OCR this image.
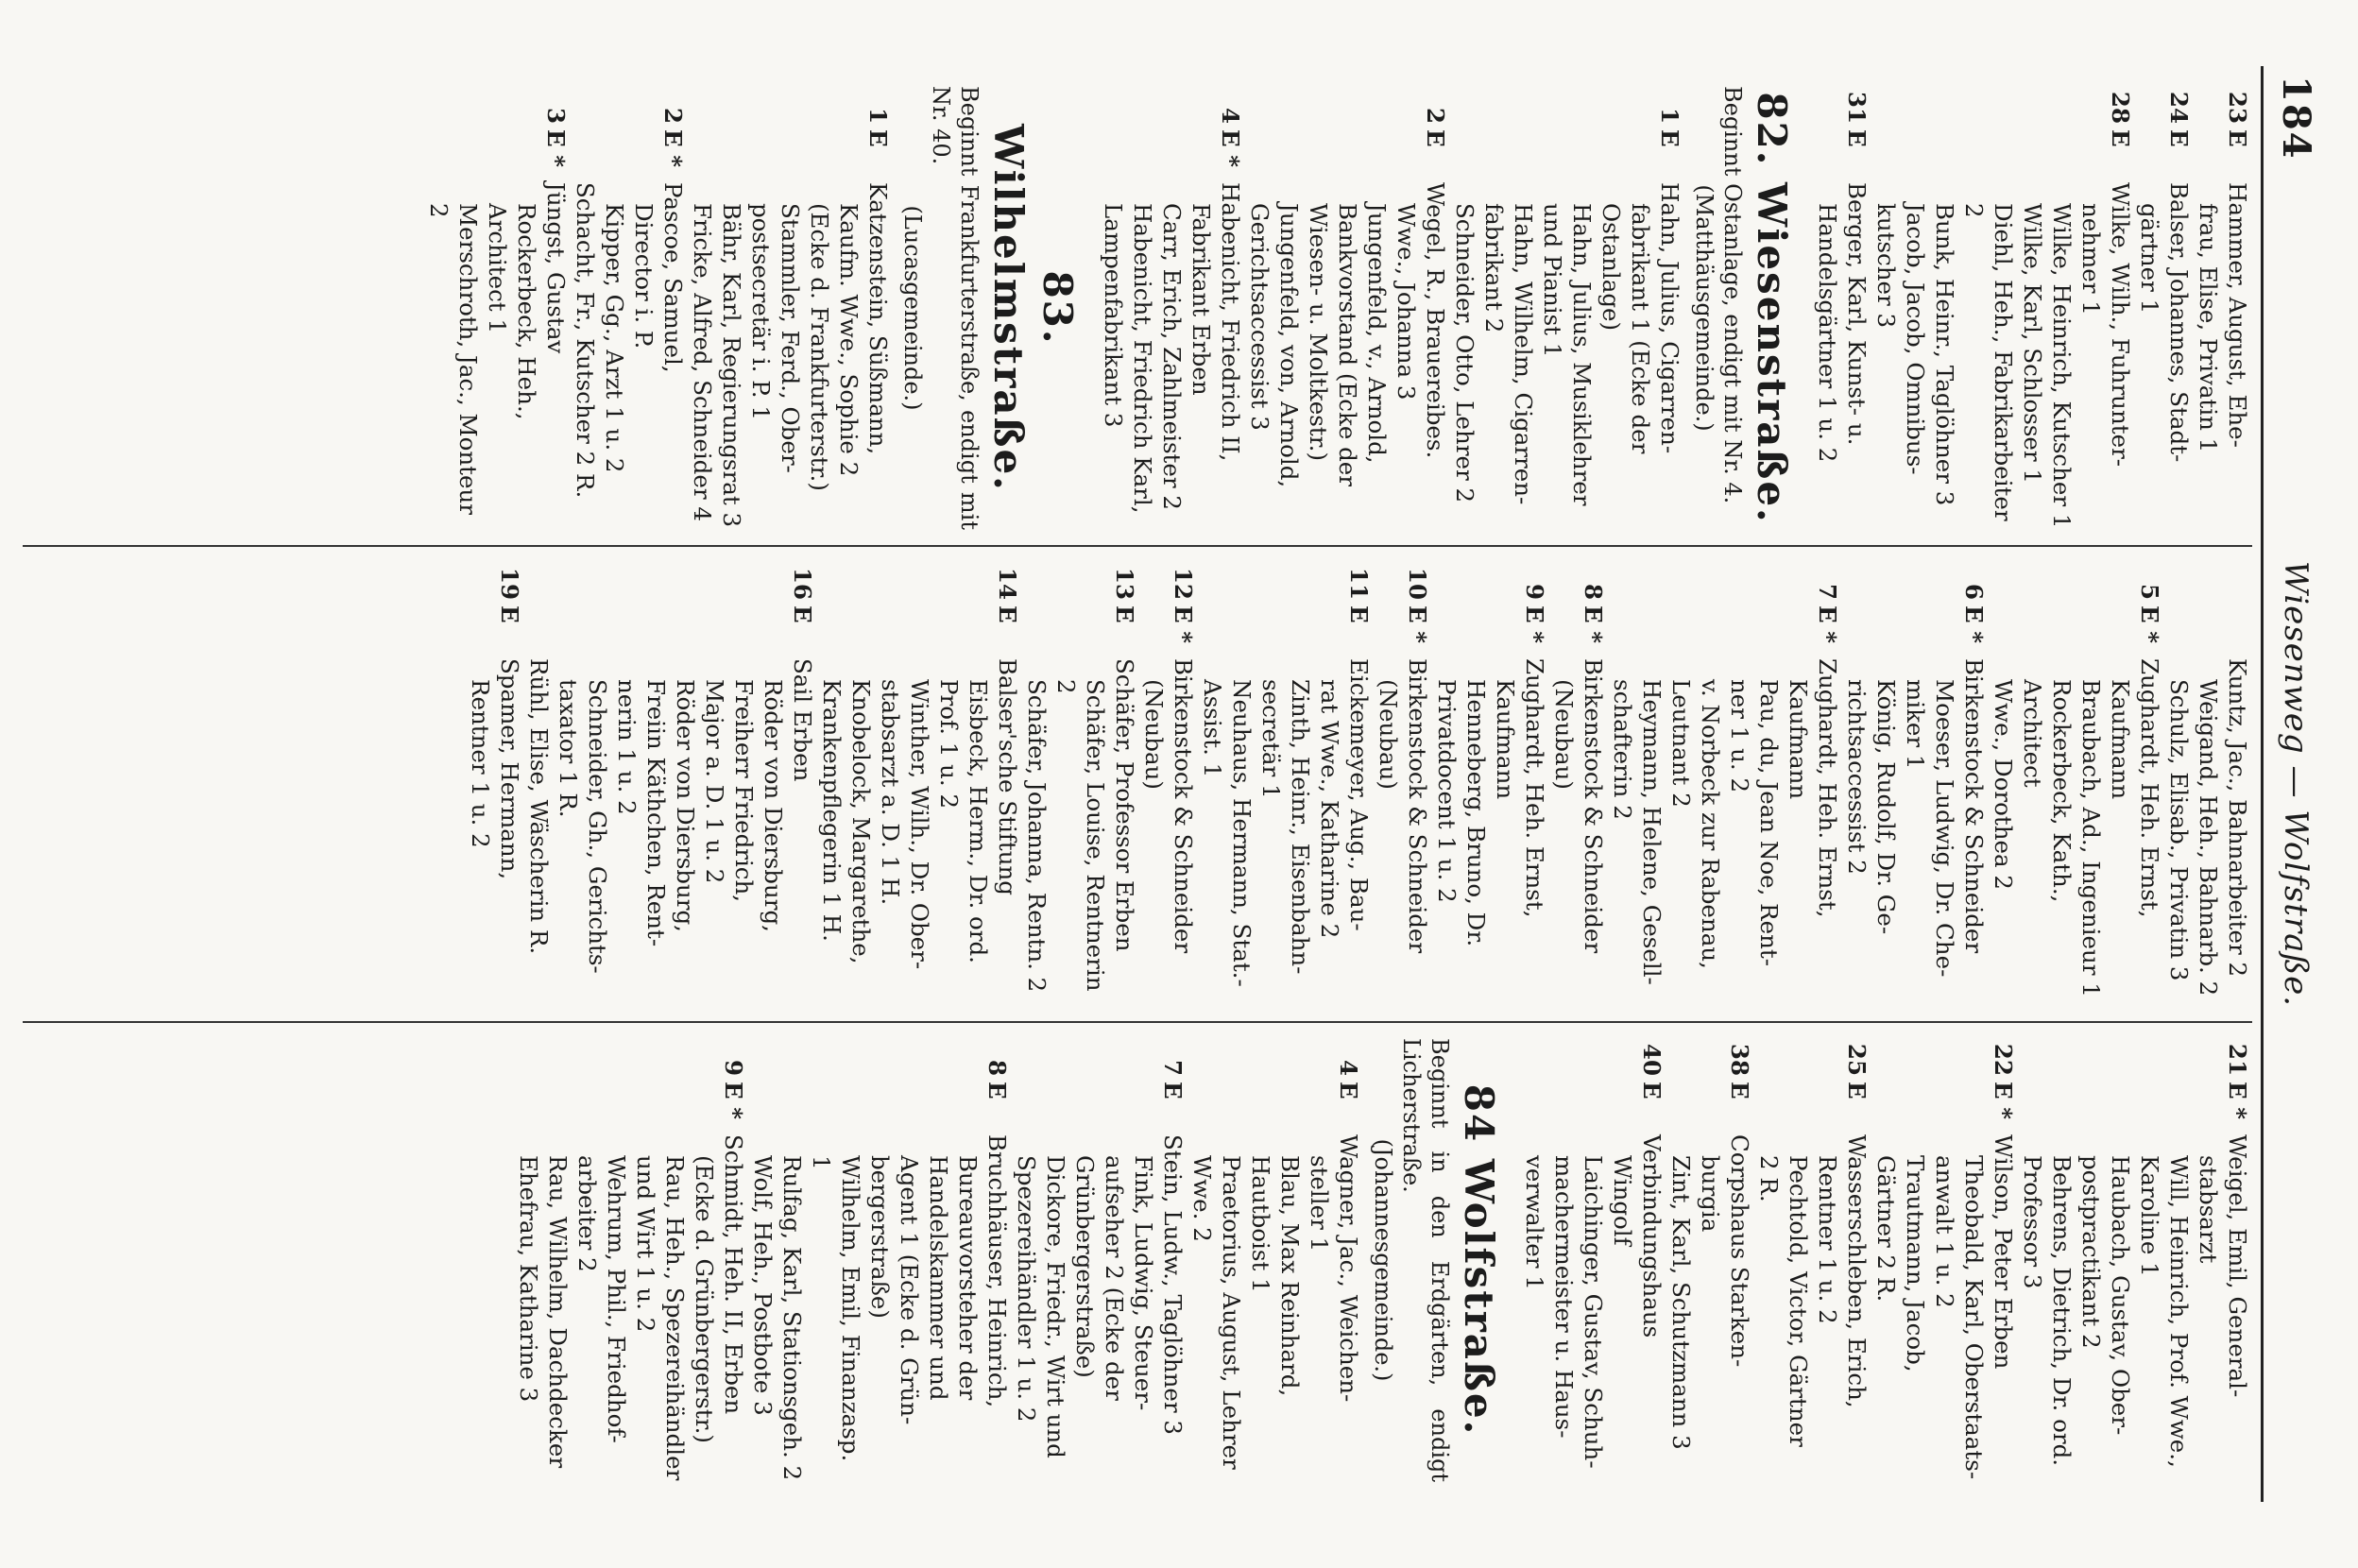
184
Wiesenweg — Wolfstraße.
23
E
Hammer, August, Ehe-
frau, Elise, Privatin 1
24
E
Balser, Johannes, Stadt-
gärtner 1
28
E
Wilke, Wilh., Fuhrunter-
nehmer 1
Wilke, Heinrich, Kutscher 1
Wilke, Karl, Schlosser 1
Diehl, Heh., Fabrikarbeiter 2
Bunk, Heinr., Taglöhner 3
Jacob, Jacob, Omnibus-
kutscher 3
31
E
Berger, Karl, Kunst- u.
Handelsgärtner 1 u. 2
82. Wiesenstraße.
Beginnt Ostanlage, endigt mit Nr. 4.
(Matthäusgemeinde.)
1
E
Hahn, Julius, Cigarren-
fabrikant 1 (Ecke der
Ostanlage)
Hahn, Julius, Musiklehrer
und Pianist 1
Hahn, Wilhelm, Cigarren-
fabrikant 2
Schneider, Otto, Lehrer 2
2
E
Wegel, R., Brauereibes.
Wwe., Johanna 3
Jungenfeld, v., Arnold,
Bankvorstand (Ecke der
Wiesen- u. Moltkestr.)
Jungenfeld, von, Arnold,
Gerichtsaccessist 3
4
E *
Habenicht, Friedrich II,
Fabrikant Erben
Carr, Erich, Zahlmeister 2
Habenicht, Friedrich Karl,
Lampenfabrikant 3
83. Wilhelmstraße.
Beginnt Frankfurterstraße, endigt mit Nr. 40.
(Lucasgemeinde.)
1
E
Katzenstein, Süßmann,
Kaufm. Wwe., Sophie 2
(Ecke d. Frankfurterstr.)
Stammler, Ferd., Ober-
postsecretär i. P. 1
Bähr, Karl, Regierungsrat 3
Fricke, Alfred, Schneider 4
2
E *
Pascoe, Samuel,
Director i. P.
Kipper, Gg., Arzt 1 u. 2
Schacht, Fr., Kutscher 2 R.
3
E *
Jüngst, Gustav
Rockerbeck, Heh., Architect 1
Merschroth, Jac., Monteur 2
Kuntz, Jac., Bahnarbeiter 2
Weigand, Heh., Bahnarb. 2
Schulz, Elisab., Privatin 3
5
E *
Zughardt, Heh. Ernst,
Kaufmann
Braubach, Ad., Ingenieur 1
Rockerbeck, Kath., Architect
Wwe., Dorothea 2
6
E *
Birkenstock & Schneider
Moeser, Ludwig, Dr. Che-
miker 1
König, Rudolf, Dr. Ge-
richtsaccessist 2
7
E *
Zughardt, Heh. Ernst,
Kaufmann
Pau, du, Jean Noe, Rent-
ner 1 u. 2
v. Norbeck zur Rabenau,
Leutnant 2
Heymann, Helene, Gesell-
schafterin 2
8
E *
Birkenstock & Schneider
(Neubau)
9
E *
Zughardt, Heh. Ernst,
Kaufmann
Henneberg, Bruno, Dr.
Privatdocent 1 u. 2
10
E *
Birkenstock & Schneider
(Neubau)
11
E
Eickemeyer, Aug., Bau-
rat Wwe., Katharine 2
Zinth, Heinr., Eisenbahn-
secretär 1
Neuhaus, Hermann, Stat.-
Assist. 1
12
E *
Birkenstock & Schneider
(Neubau)
13
E
Schäfer, Professor Erben
Schäfer, Louise, Rentnerin 2
Schäfer, Johanna, Rentn. 2
14
E
Balser'sche Stiftung
Eisbeck, Herm., Dr. ord.
Prof. 1 u. 2
Winther, Wilh., Dr. Ober-
stabsarzt a. D. 1 H.
Knobelock, Margarethe,
Krankenpflegerin 1 H.
16
E
Sail Erben
Röder von Diersburg,
Freiherr Friedrich,
Major a. D. 1 u. 2
Röder von Diersburg,
Freiin Käthchen, Rent-
nerin 1 u. 2
Schneider, Gh., Gerichts-
taxator 1 R.
Rühl, Elise, Wäscherin R.
19
E
Spamer, Hermann,
Rentner 1 u. 2
21
E *
Weigel, Emil, General-
stabsarzt
Will, Heinrich, Prof. Wwe.,
Karoline 1
Haubach, Gustav, Ober-
postpractikant 2
Behrens, Dietrich, Dr. ord.
Professor 3
22
E *
Wilson, Peter Erben
Theobald, Karl, Oberstaats-
anwalt 1 u. 2
Trautmann, Jacob,
Gärtner 2 R.
25
E
Wasserschleben, Erich,
Rentner 1 u. 2
Pechtold, Victor, Gärtner
2 R.
38
E
Corpshaus Starken-
burgia
Zint, Karl, Schutzmann 3
40
E
Verbindungshaus
Wingolf
Laichinger, Gustav, Schuh-
machermeister u. Haus-
verwalter 1
84 Wolfstraße.
Beginnt in den Erdgärten, endigt Licherstraße.
(Johannesgemeinde.)
4
E
Wagner, Jac., Weichen-
steller 1
Blau, Max Reinhard,
Hautboist 1
Praetorius, August, Lehrer
Wwe. 2
7
E
Stein, Ludw., Taglöhner 3
Fink, Ludwig, Steuer-
aufseher 2 (Ecke der
Grünbergerstraße)
Dickore, Friedr., Wirt und
Spezereihändler 1 u. 2
8
E
Bruchhäuser, Heinrich,
Bureauvorsteher der
Handelskammer und
Agent 1 (Ecke d. Grün-
bergerstraße)
Wilhelm, Emil, Finanzasp. 1
Rulfag, Karl, Stationsgeh. 2
Wolf, Heh., Postbote 3
9
E *
Schmidt, Heh. II, Erben
(Ecke d. Grünbergerstr.)
Rau, Heh., Spezereihändler
und Wirt 1 u. 2
Wehrum, Phil., Friedhof-
arbeiter 2
Rau, Wilhelm, Dachdecker
Ehefrau, Katharine 3
